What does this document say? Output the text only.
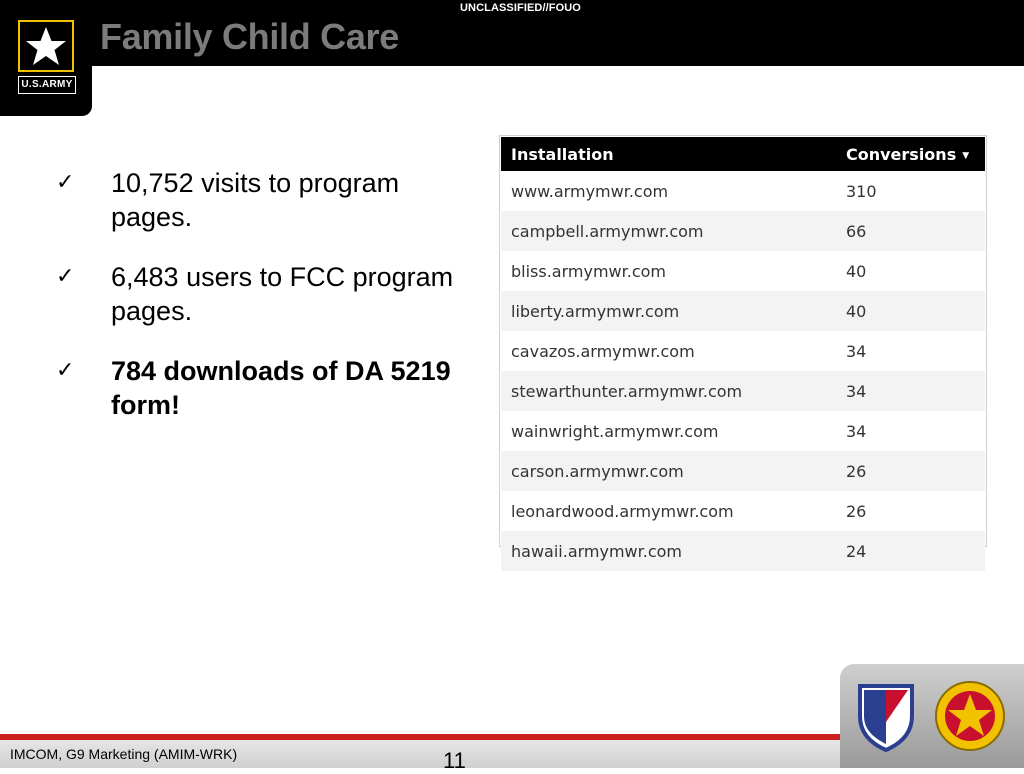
UNCLASSIFIED//FOUO
U.S.ARMY
Family Child Care
✓ 10,752 visits to program pages.
✓ 6,483 users to FCC program pages.
✓ 784 downloads of DA 5219 form!
Installation	Conversions ▼
www.armymwr.com	310
campbell.armymwr.com	66
bliss.armymwr.com	40
liberty.armymwr.com	40
cavazos.armymwr.com	34
stewarthunter.armymwr.com	34
wainwright.armymwr.com	34
carson.armymwr.com	26
leonardwood.armymwr.com	26
hawaii.armymwr.com	24
IMCOM, G9 Marketing (AMIM-WRK)	11
